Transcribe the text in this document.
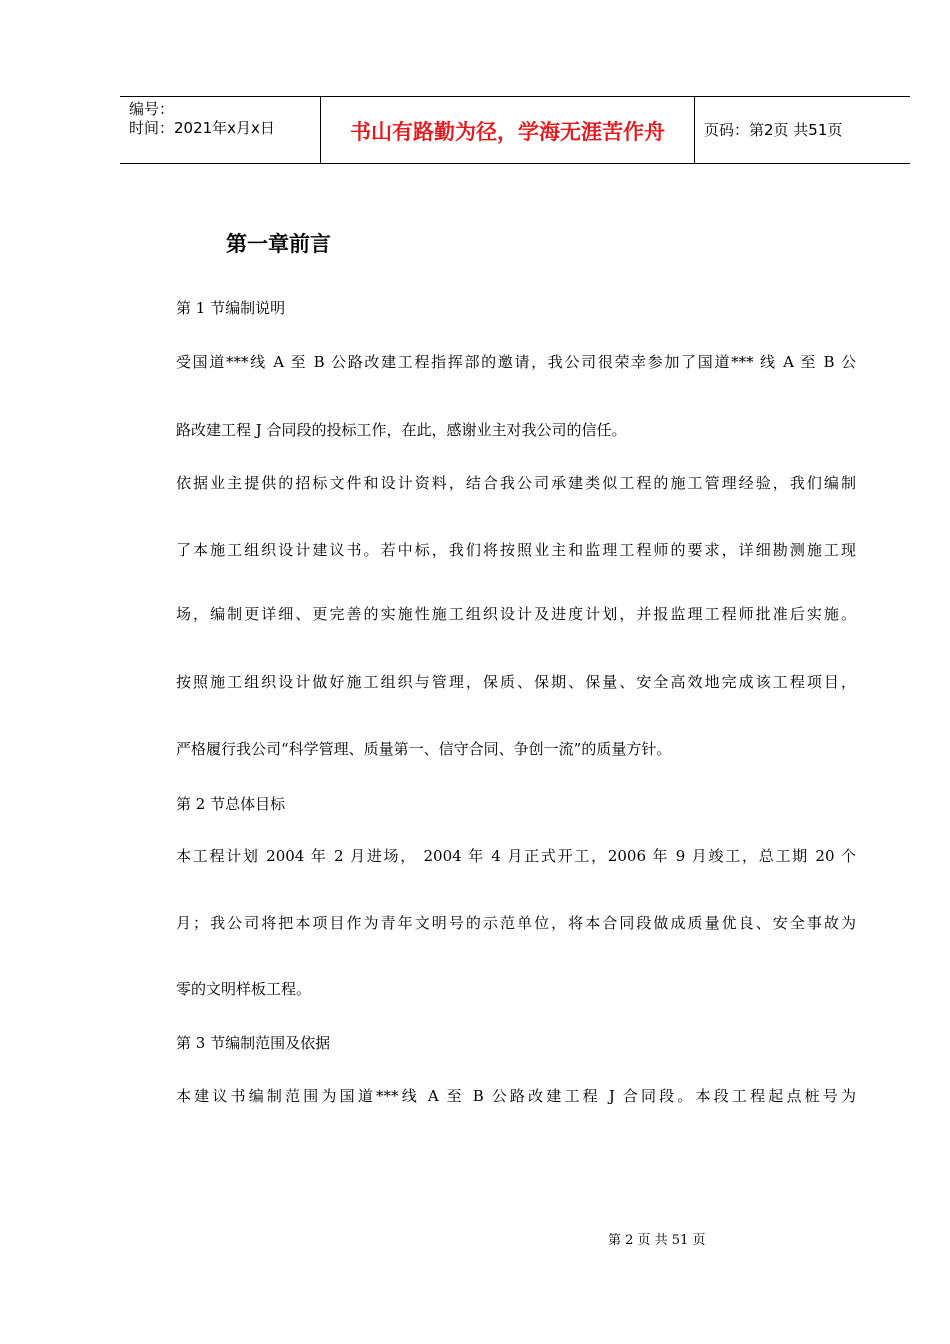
编号：
时间：2021年x月x日	书山有路勤为径，学海无涯苦作舟	页码：第2页 共51页
第一章前言
第 1 节编制说明
受国道***线 A 至 B 公路改建工程指挥部的邀请，我公司很荣幸参加了国道*** 线 A 至 B 公
路改建工程 J 合同段的投标工作，在此，感谢业主对我公司的信任。
依据业主提供的招标文件和设计资料，结合我公司承建类似工程的施工管理经验，我们编制
了本施工组织设计建议书。若中标，我们将按照业主和监理工程师的要求，详细勘测施工现
场，编制更详细、更完善的实施性施工组织设计及进度计划，并报监理工程师批准后实施。
按照施工组织设计做好施工组织与管理，保质、保期、保量、安全高效地完成该工程项目，
严格履行我公司“科学管理、质量第一、信守合同、争创一流”的质量方针。
第 2 节总体目标
本工程计划 2004 年 2 月进场， 2004 年 4 月正式开工，2006 年 9 月竣工，总工期 20 个
月；我公司将把本项目作为青年文明号的示范单位，将本合同段做成质量优良、安全事故为
零的文明样板工程。
第 3 节编制范围及依据
本建议书编制范围为国道***线 A 至 B 公路改建工程 J 合同段。本段工程起点桩号为
第 2 页 共 51 页
